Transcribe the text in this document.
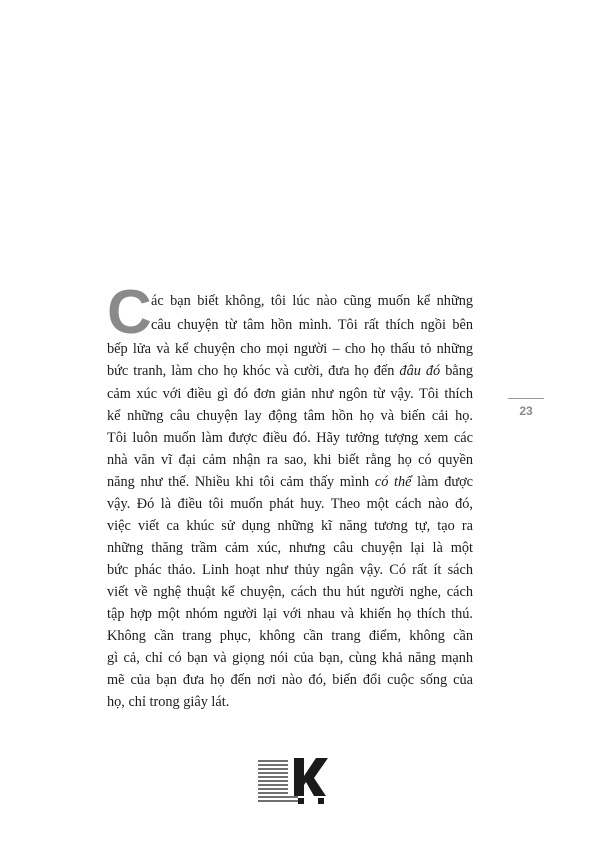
C ác bạn biết không, tôi lúc nào cũng muốn kể những
câu chuyện từ tâm hồn mình. Tôi rất thích ngồi bên
bếp lửa và kể chuyện cho mọi người – cho họ thấu tỏ những
bức tranh, làm cho họ khóc và cười, đưa họ đến đâu đó bằng
cảm xúc với điều gì đó đơn giản như ngôn từ vậy. Tôi thích
kể những câu chuyện lay động tâm hồn họ và biến cải họ.
Tôi luôn muốn làm được điều đó. Hãy tưởng tượng xem các
nhà văn vĩ đại cảm nhận ra sao, khi biết rằng họ có quyền
năng như thế. Nhiều khi tôi cảm thấy mình có thể làm được
vậy. Đó là điều tôi muốn phát huy. Theo một cách nào đó,
việc viết ca khúc sử dụng những kĩ năng tương tự, tạo ra
những thăng trầm cảm xúc, nhưng câu chuyện lại là một
bức phác thảo. Linh hoạt như thủy ngân vậy. Có rất ít sách
viết về nghệ thuật kể chuyện, cách thu hút người nghe, cách
tập hợp một nhóm người lại với nhau và khiến họ thích thú.
Không cần trang phục, không cần trang điểm, không cần
gì cả, chỉ có bạn và giọng nói của bạn, cùng khả năng mạnh
mẽ của bạn đưa họ đến nơi nào đó, biến đổi cuộc sống của
họ, chỉ trong giây lát.
23
